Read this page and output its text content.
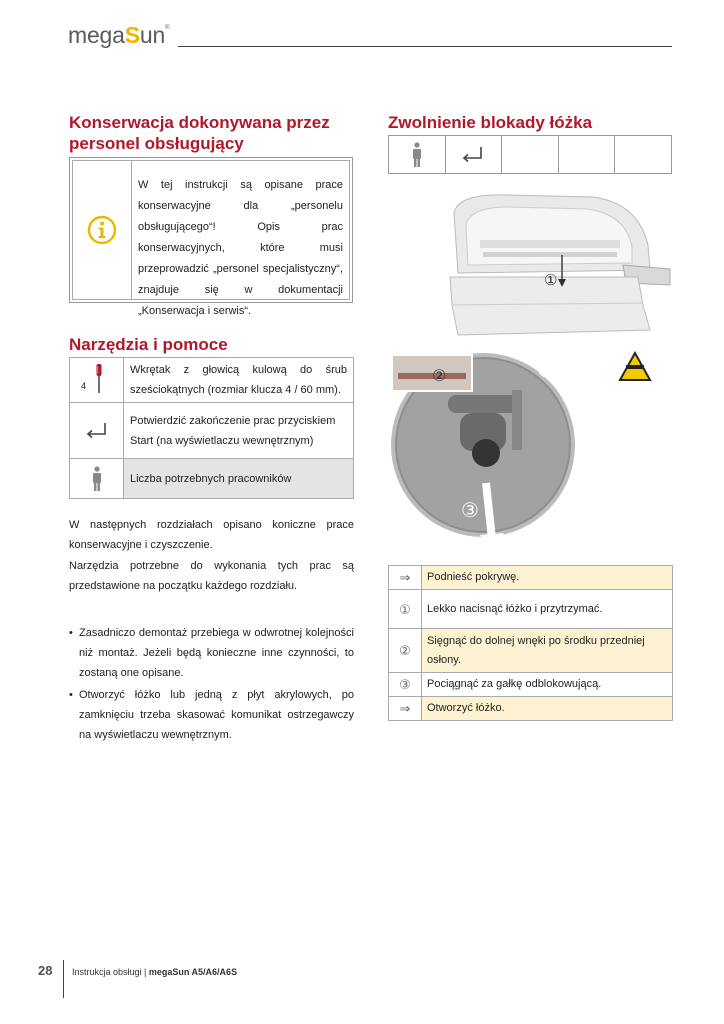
megaSun®
Konserwacja dokonywana przez personel obsługujący
W tej instrukcji są opisane prace konserwacyjne dla „personelu obsługującego“! Opis prac konserwacyjnych, które musi przeprowadzić „personel specjalistyczny“, znajduje się w dokumentacji „Konserwacja i serwis“.
Narzędzia i pomoce
4	Wkrętak z głowicą kulową do śrub sześciokątnych (rozmiar klucza 4 / 60 mm).

	Potwierdzić zakończenie prac przyciskiem Start (na wyświetlaczu wewnętrznym)

	Liczba potrzebnych pracowników

W następnych rozdziałach opisano koniczne prace konserwacyjne i czyszczenie.

Narzędzia potrzebne do wykonania tych prac są przedstawione na początku każdego rozdziału.

• Zasadniczo demontaż przebiega w odwrotnej kolejności niż montaż. Jeżeli będą konieczne inne czynności, to zostaną one opisane.
• Otworzyć łóżko lub jedną z płyt akrylowych, po zamknięciu trzeba skasować komunikat ostrzegawczy na wyświetlaczu wewnętrznym.
Zwolnienie blokady łóżka
①
②
②
③
⇒	Podnieść pokrywę.
①	Lekko nacisnąć łóżko i przytrzymać.
②	Sięgnąć do dolnej wnęki po środku przedniej osłony.
③	Pociągnąć za gałkę odblokowującą.
⇒	Otworzyć łóżko.
28 Instrukcja obsługi | megaSun A5/A6/A6S
